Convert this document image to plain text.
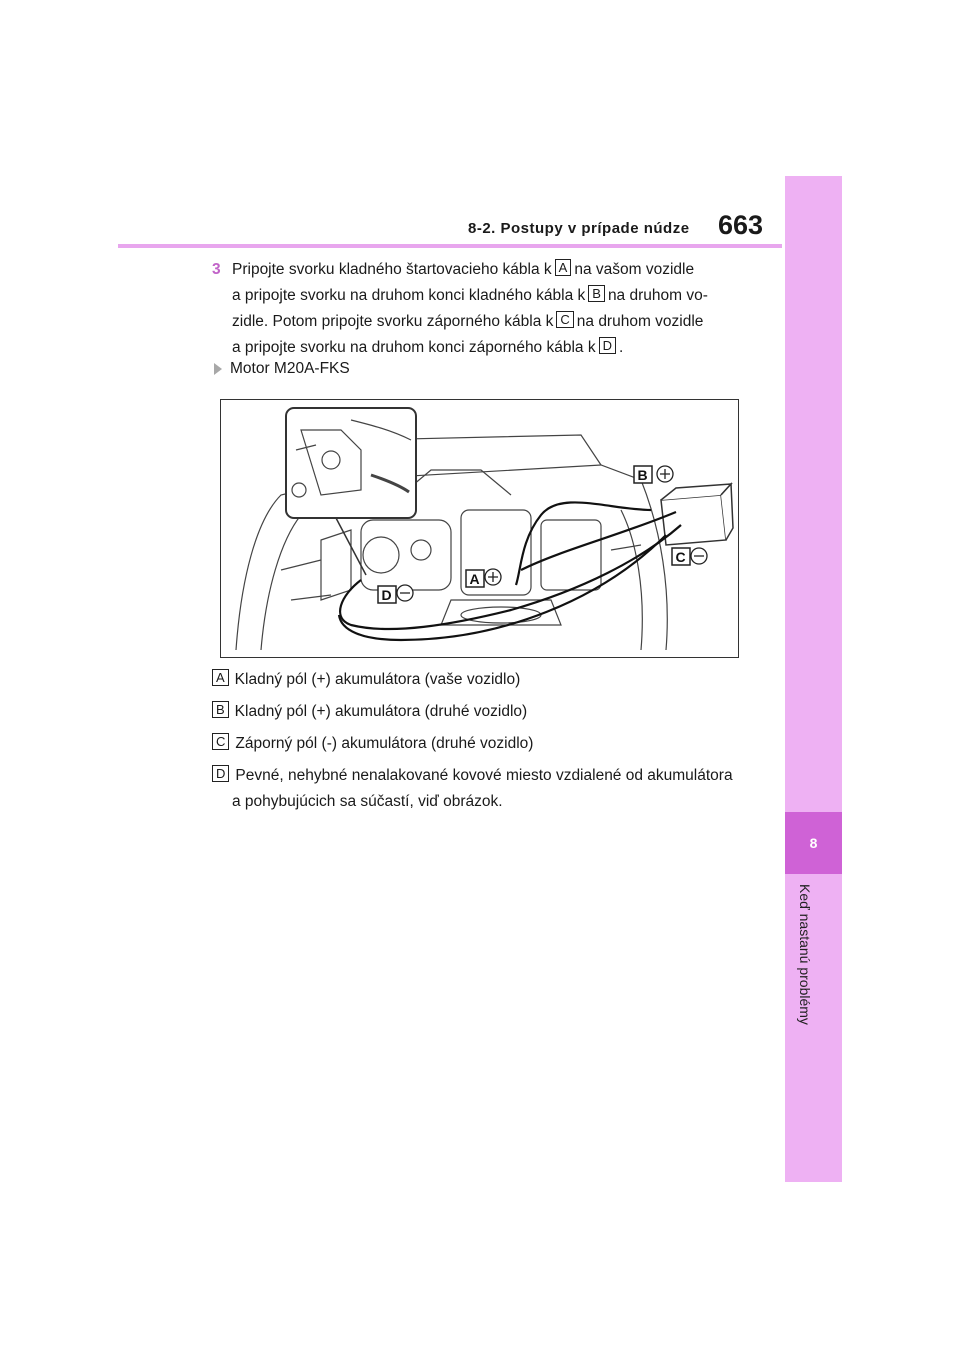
8
Keď nastanú problémy
8-2. Postupy v prípade núdze 663
3 Pripojte svorku kladného štartovacieho kábla k A na vašom vozidle
a pripojte svorku na druhom konci kladného kábla k B na druhom vo-
zidle. Potom pripojte svorku záporného kábla k C na druhom vozidle
a pripojte svorku na druhom konci záporného kábla k D .
Motor M20A-FKS
B
C
A
D
A Kladný pól (+) akumulátora (vaše vozidlo)
B Kladný pól (+) akumulátora (druhé vozidlo)
C Záporný pól (-) akumulátora (druhé vozidlo)
D Pevné, nehybné nenalakované kovové miesto vzdialené od akumulátora
a pohybujúcich sa súčastí, viď obrázok.
